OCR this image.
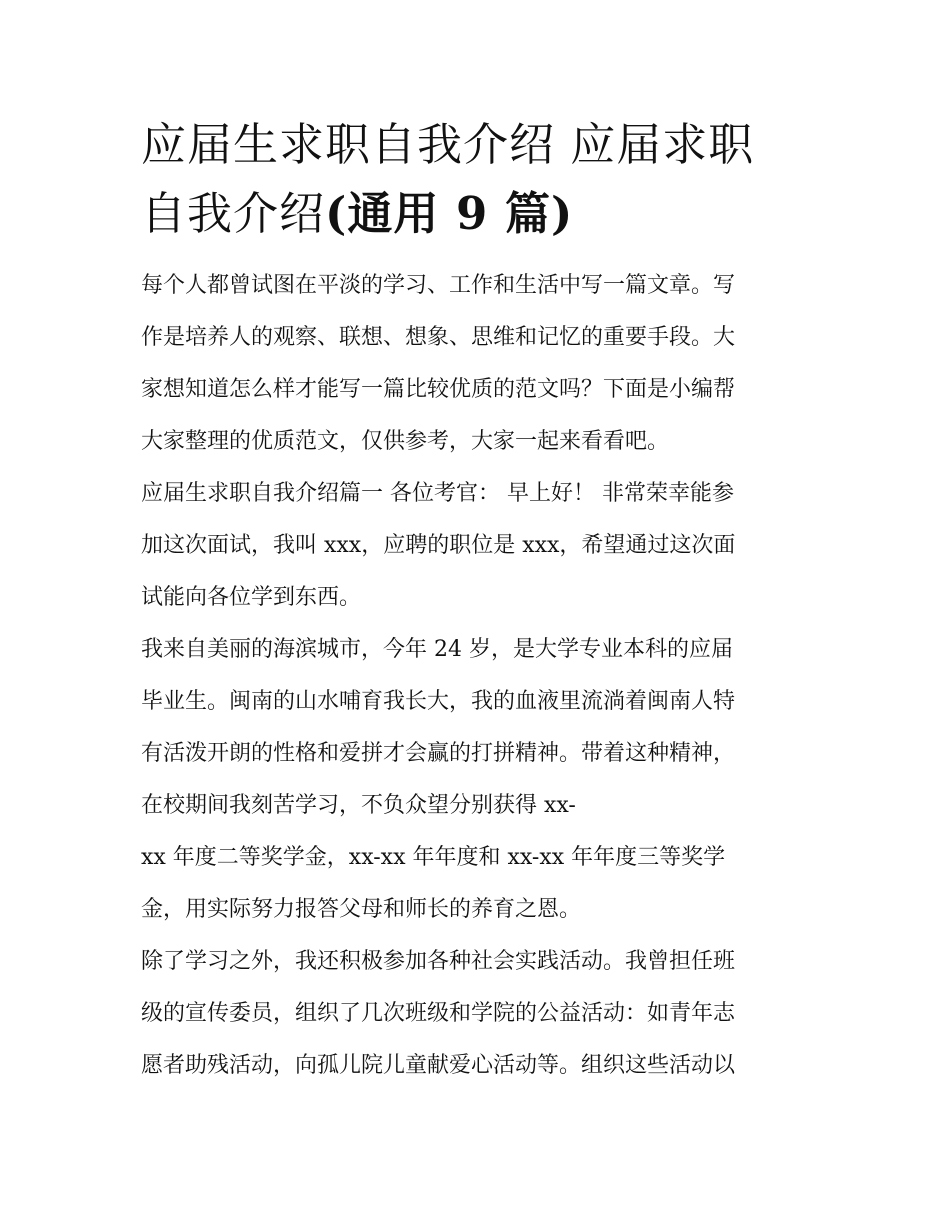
应届生求职自我介绍 应届求职
自我介绍(通用 9 篇)

每个人都曾试图在平淡的学习、工作和生活中写一篇文章。写
作是培养人的观察、联想、想象、思维和记忆的重要手段。大
家想知道怎么样才能写一篇比较优质的范文吗？下面是小编帮
大家整理的优质范文，仅供参考，大家一起来看看吧。

应届生求职自我介绍篇一 各位考官： 早上好！ 非常荣幸能参
加这次面试，我叫 xxx，应聘的职位是 xxx，希望通过这次面
试能向各位学到东西。

我来自美丽的海滨城市，今年 24 岁，是大学专业本科的应届
毕业生。闽南的山水哺育我长大，我的血液里流淌着闽南人特
有活泼开朗的性格和爱拼才会赢的打拼精神。带着这种精神，
在校期间我刻苦学习，不负众望分别获得 xx-
xx 年度二等奖学金，xx-xx 年年度和 xx-xx 年年度三等奖学
金，用实际努力报答父母和师长的养育之恩。

除了学习之外，我还积极参加各种社会实践活动。我曾担任班
级的宣传委员，组织了几次班级和学院的公益活动：如青年志
愿者助残活动，向孤儿院儿童献爱心活动等。组织这些活动以
